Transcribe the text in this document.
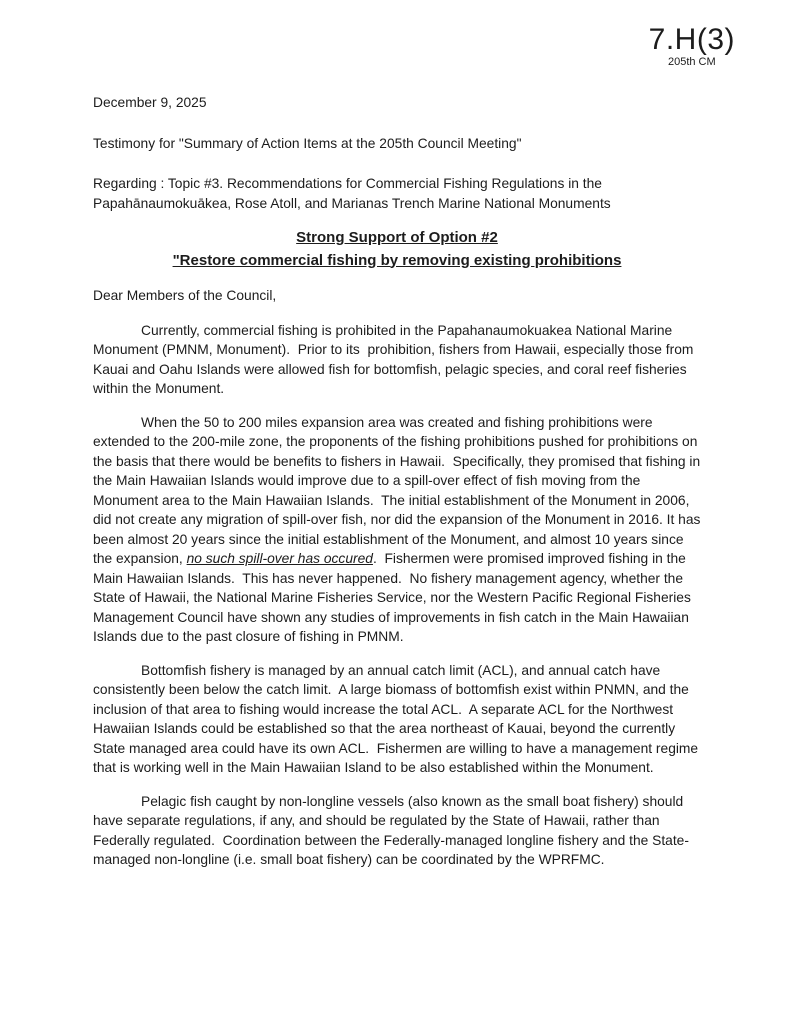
7.H(3)
205th CM
December 9, 2025
Testimony for "Summary of Action Items at the 205th Council Meeting"
Regarding : Topic #3. Recommendations for Commercial Fishing Regulations in the Papahānaumokuākea, Rose Atoll, and Marianas Trench Marine National Monuments
Strong Support of Option #2
"Restore commercial fishing by removing existing prohibitions
Dear Members of the Council,
Currently, commercial fishing is prohibited in the Papahanaumokuakea National Marine Monument (PMNM, Monument).  Prior to its  prohibition, fishers from Hawaii, especially those from Kauai and Oahu Islands were allowed fish for bottomfish, pelagic species, and coral reef fisheries within the Monument.
When the 50 to 200 miles expansion area was created and fishing prohibitions were extended to the 200-mile zone, the proponents of the fishing prohibitions pushed for prohibitions on the basis that there would be benefits to fishers in Hawaii.  Specifically, they promised that fishing in the Main Hawaiian Islands would improve due to a spill-over effect of fish moving from the Monument area to the Main Hawaiian Islands.  The initial establishment of the Monument in 2006, did not create any migration of spill-over fish, nor did the expansion of the Monument in 2016. It has been almost 20 years since the initial establishment of the Monument, and almost 10 years since the expansion, no such spill-over has occured.  Fishermen were promised improved fishing in the Main Hawaiian Islands.  This has never happened.  No fishery management agency, whether the State of Hawaii, the National Marine Fisheries Service, nor the Western Pacific Regional Fisheries Management Council have shown any studies of improvements in fish catch in the Main Hawaiian Islands due to the past closure of fishing in PMNM.
Bottomfish fishery is managed by an annual catch limit (ACL), and annual catch have consistently been below the catch limit.  A large biomass of bottomfish exist within PNMN, and the inclusion of that area to fishing would increase the total ACL.  A separate ACL for the Northwest Hawaiian Islands could be established so that the area northeast of Kauai, beyond the currently State managed area could have its own ACL.  Fishermen are willing to have a management regime that is working well in the Main Hawaiian Island to be also established within the Monument.
Pelagic fish caught by non-longline vessels (also known as the small boat fishery) should have separate regulations, if any, and should be regulated by the State of Hawaii, rather than Federally regulated.  Coordination between the Federally-managed longline fishery and the State-managed non-longline (i.e. small boat fishery) can be coordinated by the WPRFMC.
